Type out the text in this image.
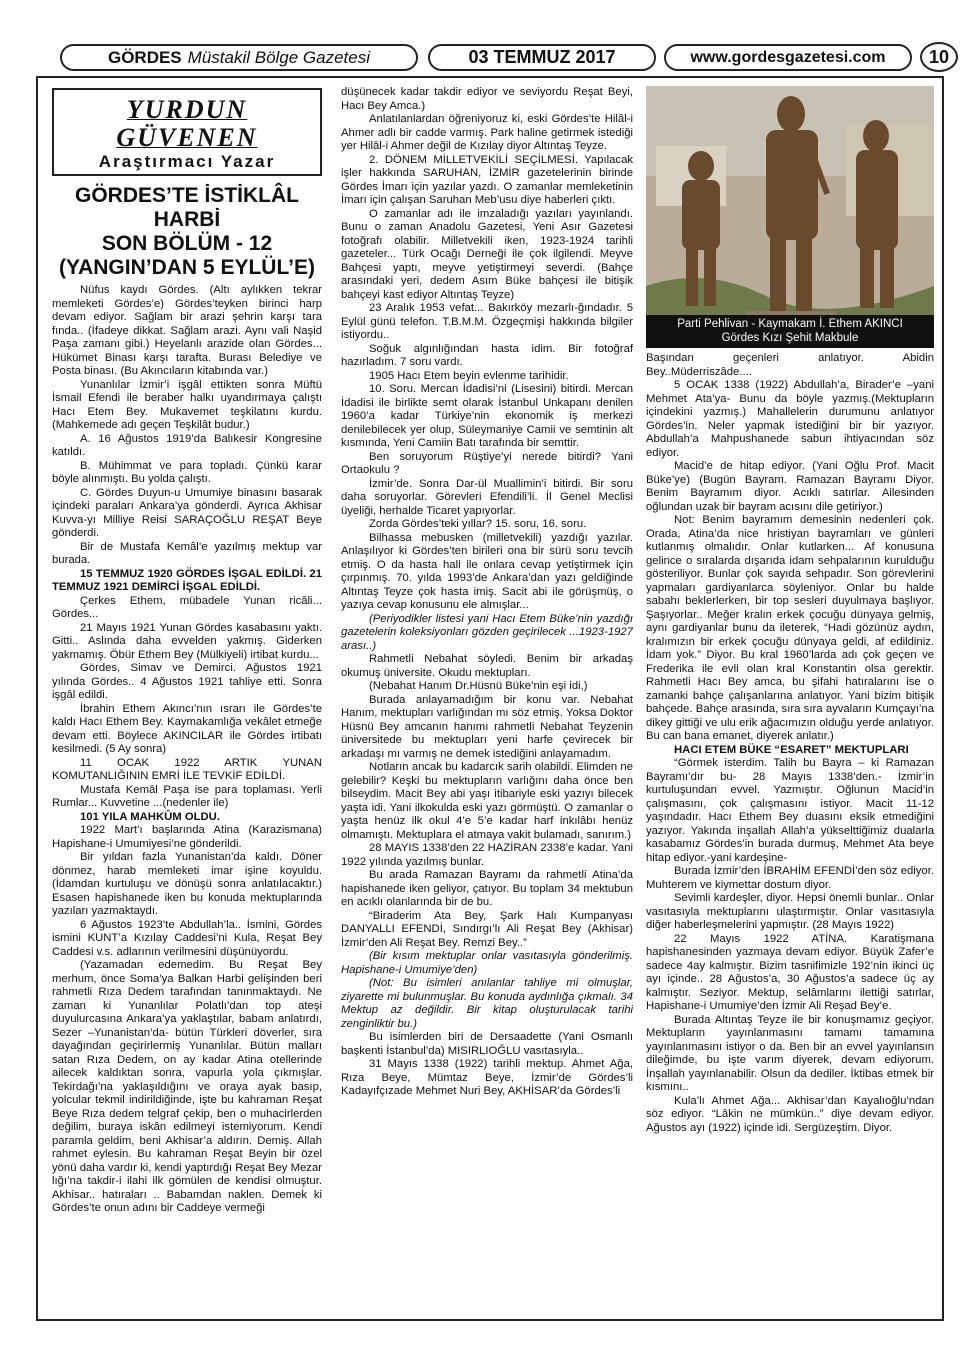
GÖRDES Müstakil Bölge Gazetesi	03 TEMMUZ 2017	www.gordesgazetesi.com	10
YURDUN GÜVENEN
Araştırmacı Yazar
GÖRDES’TE İSTİKLÂL HARBİ
SON BÖLÜM - 12
(YANGIN’DAN 5 EYLÜL’E)

Nüfus kaydı Gördes. (Altı aylıkken tekrar memleketi Gördes’e) Gördes’teyken birinci harp devam ediyor. Sağlam bir arazi şehrin karşı tara fında.. (İfadeye dikkat. Sağlam arazi. Aynı vali Naşid Paşa zamanı gibi.) Heyelanlı arazide olan Gördes... Hükümet Binası karşı tarafta. Burası Belediye ve Posta binası. (Bu Akıncıların kitabında var.)

Yunanlılar İzmir’i işgâl ettikten sonra Müftü İsmail Efendi ile beraber halkı uyandırmaya çalıştı Hacı Etem Bey. Mukavemet teşkilatını kurdu. (Mahkemede adı geçen Teşkilât budur.)

A. 16 Ağustos 1919’da Balıkesir Kongresine katıldı.

B. Mühimmat ve para topladı. Çünkü karar böyle alınmıştı. Bu yolda çalıştı.

C. Gördes Duyun-u Umumiye binasını basarak içindeki paraları Ankara’ya gönderdi. Ayrıca Akhisar Kuvva-yı Milliye Reisi SARAÇOĞLU REŞAT Beye gönderdi.

Bir de Mustafa Kemâl’e yazılmış mektup var burada.

15 TEMMUZ 1920 GÖRDES İŞGAL EDİLDİ. 21 TEMMUZ 1921 DEMİRCİ İŞGAL EDİLDİ.

Çerkes Ethem, mübadele Yunan ricâli... Gördes...

21 Mayıs 1921 Yunan Gördes kasabasını yaktı. Gitti.. Aslında daha evvelden yakmış. Giderken yakmamış. Öbür Ethem Bey (Mülkiyeli) irtibat kurdu...

Gördes, Simav ve Demirci. Ağustos 1921 yılında Gördes.. 4 Ağustos 1921 tahliye etti. Sonra işgâl edildi.

İbrahin Ethem Akıncı’nın ısrarı ile Gördes’te kaldı Hacı Ethem Bey. Kaymakamlığa vekâlet etmeğe devam etti. Böylece AKINCILAR ile Gördes irtibatı kesilmedi. (5 Ay sonra)

11 OCAK 1922 ARTIK YUNAN KOMUTANLIĞININ EMRİ İLE TEVKİF EDİLDİ.

Mustafa Kemâl Paşa ise para toplaması. Yerli Rumlar... Kuvvetine ...(nedenler ile)

101 YILA MAHKÛM OLDU.

1922 Mart’ı başlarında Atina (Karazismana) Hapishane-i Umumiyesi’ne gönderildi.

Bir yıldan fazla Yunanistan’da kaldı. Döner dönmez, harab memleketi imar işine koyuldu. (İdamdan kurtuluşu ve dönüşü sonra anlatılacaktır.) Esasen hapishanede iken bu konuda mektuplarında yazıları yazmaktaydı.

6 Ağustos 1923’te Abdullah’la.. İsmini, Gördes ismini KUNT’a Kızılay Caddesi’ni Kula, Reşat Bey Caddesi v.s. adlarının verilmesini düşünüyordu.

(Yazamadan edemedim. Bu Reşat Bey merhum, önce Soma’ya Balkan Harbi gelişinden beri rahmetli Rıza Dedem tarafından tanınmaktaydı. Ne zaman ki Yunanlılar Polatlı’dan top ateşi duyulurcasına Ankara’ya yaklaştılar, babam anlatırdı, Sezer –Yunanistan’da- bütün Türkleri döverler, sıra dayağından geçirirlermiş Yunanlılar. Bütün malları satan Rıza Dedem, on ay kadar Atina otellerinde ailecek kaldıktan sonra, vapurla yola çıkmışlar. Tekirdağı’na yaklaşıldığını ve oraya ayak basıp, yolcular tekmil indirildiğinde, işte bu kahraman Reşat Beye Rıza dedem telgraf çekip, ben o muhacirlerden değilim, buraya iskân edilmeyi istemiyorum. Kendi paramla geldim, beni Akhisar’a aldırın. Demiş. Allah rahmet eylesin. Bu kahraman Reşat Beyin bir özel yönü daha vardır ki, kendi yaptırdığı Reşat Bey Mezar lığı’na takdir-i ilahi ilk gömülen de kendisi olmuştur. Akhisar.. hatıraları .. Babamdan naklen. Demek ki Gördes’te onun adını bir Caddeye vermeği

düşünecek kadar takdir ediyor ve seviyordu Reşat Beyi, Hacı Bey Amca.)

Anlatılanlardan öğreniyoruz ki, eski Gördes’te Hilâl-i Ahmer adlı bir cadde varmış. Park haline getirmek istediği yer Hilâl-i Ahmer değil de Kızılay diyor Altıntaş Teyze.

2. DÖNEM MİLLETVEKİLİ SEÇİLMESİ. Yapılacak işler hakkında SARUHAN, İZMİR gazetelerinin birinde Gördes İmarı için yazılar yazdı. O zamanlar memleketinin İmarı için çalışan Saruhan Meb’usu diye haberleri çıktı.

O zamanlar adı ile imzaladığı yazıları yayınlandı. Bunu o zaman Anadolu Gazetesi, Yeni Asır Gazetesi fotoğrafı olabilir. Milletvekili iken, 1923-1924 tarihli gazeteler... Türk Ocağı Derneği ile çok ilgilendi. Meyve Bahçesi yaptı, meyve yetiştirmeyi severdi. (Bahçe arasındaki yeri, dedem Asım Büke bahçesi ile bitişik bahçeyi kast ediyor Altıntaş Teyze)

23 Aralık 1953 vefat... Bakırköy mezarlı-ğındadır. 5 Eylül günü telefon. T.B.M.M. Özgeçmişi hakkında bilgiler istiyordu..

Soğuk algınlığından hasta idim. Bir fotoğraf hazırladım. 7 soru vardı.

1905 Hacı Etem beyin evlenme tarihidir.

10. Soru. Mercan İdadisi’ni (Lisesini) bitirdi. Mercan İdadisi ile birlikte semt olarak İstanbul Unkapanı denilen 1960’a kadar Türkiye’nin ekonomik iş merkezi denilebilecek yer olup, Süleymaniye Camii ve semtinin alt kısmında, Yeni Camiin Batı tarafında bir semttir.

Ben soruyorum Rüştiye’yi nerede bitirdi? Yani Ortaokulu ?

İzmir’de. Sonra Dar-ül Muallimin’i bitirdi. Bir soru daha soruyorlar. Görevleri Efendili’li. İl Genel Meclisi üyeliği, herhalde Ticaret yapıyorlar.

Zorda Gördes’teki yıllar? 15. soru, 16. soru.

Bilhassa mebusken (milletvekili) yazdığı yazılar. Anlaşılıyor ki Gördes’ten birileri ona bir sürü soru tevcih etmiş. O da hasta hali ile onlara cevap yetiştirmek için çırpınmış. 70. yılda 1993’de Ankara’dan yazı geldiğinde Altıntaş Teyze çok hasta imiş. Sacit abi ile görüşmüş, o yazıya cevap konusunu ele almışlar...

(Periyodikler listesi yani Hacı Etem Büke’nin yazdığı gazetelerin koleksiyonları gözden geçirilecek ...1923-1927 arası..)

Rahmetli Nebahat söyledi. Benim bir arkadaş okumuş üniversite. Okudu mektupları.

(Nebahat Hanım Dr.Hüsnü Büke’nin eşi idi,)

Burada anlayamadığım bir konu var. Nebahat Hanım, mektupları varlığından mı söz etmiş. Yoksa Doktor Hüsnü Bey amcanın hanımı rahmetli Nebahat Teyzenin üniversitede bu mektupları yeni harfe çevirecek bir arkadaşı mı varmış ne demek istediğini anlayamadım.

Notların ancak bu kadarcık sarih olabildi. Elimden ne gelebilir? Keşki bu mektupların varlığını daha önce ben bilseydim. Macit Bey abi yaşı itibariyle eski yazıyı bilecek yaşta idi. Yani ilkokulda eski yazı görmüştü. O zamanlar o yaşta henüz ilk okul 4’e 5’e kadar harf inkılâbı henüz olmamıştı. Mektuplara el atmaya vakit bulamadı, sanırım.)

28 MAYIS 1338’den 22 HAZİRAN 2338’e kadar. Yani 1922 yılında yazılmış bunlar.

Bu arada Ramazan Bayramı da rahmetli Atina’da hapishanede iken geliyor, çatıyor. Bu toplam 34 mektubun en acıklı olanlarında bir de bu.

“Biraderim Ata Bey, Şark Halı Kumpanyası DANYALLI EFENDİ, Sındırgı’lı Ali Reşat Bey (Akhisar) İzmir’den Ali Reşat Bey. Remzi Bey..”

(Bir kısım mektuplar onlar vasıtasıyla gönderilmiş. Hapishane-i Umumiye’den)

(Not: Bu isimleri anılanlar tahliye mi olmuşlar, ziyarette mi bulunmuşlar. Bu konuda aydınlığa çıkmalı. 34 Mektup az değildir. Bir kitap oluşturulacak tarihi zenginliktir bu.)

Bu isimlerden biri de Dersaadette (Yani Osmanlı başkenti İstanbul’da) MISIRLIOĞLU vasıtasıyla..

31 Mayıs 1338 (1922) tarihli mektup. Ahmet Ağa, Rıza Beye, Mümtaz Beye, İzmir’de Gördes’li Kadayıfçızade Mehmet Nuri Bey, AKHİSAR’da Gördes’li

Parti Pehlivan - Kaymakam İ. Ethem AKINCI
Gördes Kızı Şehit Makbule

Başından geçenleri anlatıyor. Abidin Bey..Müderriszâde....

5 OCAK 1338 (1922) Abdullah’a, Birader’e –yani Mehmet Ata’ya- Bunu da böyle yazmış.(Mektupların içindekini yazmış.) Mahallelerin durumunu anlatıyor Gördes’in. Neler yapmak istediğini bir bir yazıyor. Abdullah’a Mahpushanede sabun ihtiyacından söz ediyor.

Macid’e de hitap ediyor. (Yani Oğlu Prof. Macit Büke’ye) (Bugün Bayram. Ramazan Bayramı Diyor. Benim Bayramım diyor. Acıklı satırlar. Ailesinden oğlundan uzak bir bayram acısını dile getiriyor.)

Not: Benim bayramım demesinin nedenleri çok. Orada, Atina’da nice hristiyan bayramları ve günleri kutlanmış olmalıdır. Onlar kutlarken... Af konusuna gelince o sıralarda dışarıda idam sehpalarının kurulduğu gösteriliyor. Bunlar çok sayıda sehpadır. Son görevlerini yapmaları gardiyanlarca söyleniyor. Onlar bu halde sabahı beklerlerken, bir top sesleri duyulmaya başlıyor. Şaşıyorlar.. Meğer kralın erkek çocuğu dünyaya gelmiş, aynı gardiyanlar bunu da ileterek, “Hadi gözünüz aydın, kralımızın bir erkek çocuğu dünyaya geldi, af edildiniz. İdam yok.” Diyor. Bu kral 1960’larda adı çok geçen ve Frederika ile evli olan kral Konstantin olsa gerektir. Rahmetli Hacı Bey amca, bu şifahi hatıralarını ise o zamanki bahçe çalışanlarına anlatıyor. Yani bizim bitişik bahçede. Bahçe arasında, sıra sıra ayvaların Kumçayı’na dikey gittiği ve ulu erik ağacımızın olduğu yerde anlatıyor. Bu can bana emanet, diyerek anlatır.)

HACI ETEM BÜKE “ESARET” MEKTUPLARI

“Görmek isterdim. Talih bu Bayra – ki Ramazan Bayramı’dır bu- 28 Mayıs 1338’den.- İzmir’in kurtuluşundan evvel. Yazmıştır. Oğlunun Macid’in çalışmasını, çok çalışmasını istiyor. Macit 11-12 yaşındadır. Hacı Ethem Bey duasını eksik etmediğini yazıyor. Yakında inşallah Allah’a yükselttiğimiz dualarla kasabamız Gördes’in burada durmuş, Mehmet Ata beye hitap ediyor.-yani kardeşine-

Burada İzmir’den İBRAHİM EFENDİ’den söz ediyor. Muhterem ve kiymettar dostum diyor.

Sevimli kardeşler, diyor. Hepsi önemli bunlar.. Onlar vasıtasıyla mektuplarını ulaştırmıştır. Onlar vasıtasıyla diğer haberleşmelerini yapmıştır. (28 Mayıs 1922)

22 Mayıs 1922 ATİNA. Karatişmana hapishanesinden yazmaya devam ediyor. Büyük Zafer’e sadece 4ay kalmıştır. Bizim tasnifimizle 192’nin ikinci üç ayı içinde.. 28 Ağustos’a, 30 Ağustos’a sadece üç ay kalmıştır. Seziyor. Mektup, selâmlarını ilettiği satırlar, Hapishane-i Umumiye’den İzmir Ali Reşad Bey’e.

Burada Altıntaş Teyze ile bir konuşmamız geçiyor. Mektupların yayınlanmasını tamamı tamamına yayınlanmasını istiyor o da. Ben bir an evvel yayınlansın dileğimde, bu işte varım diyerek, devam ediyorum. İnşallah yayınlanabilir. Olsun da dediler. İktibas etmek bir kısmını..

Kula’lı Ahmet Ağa... Akhisar’dan Kayalıoğlu’ndan söz ediyor. “Lâkin ne mümkün..” diye devam ediyor. Ağustos ayı (1922) içinde idi. Sergüzeştim. Diyor.
